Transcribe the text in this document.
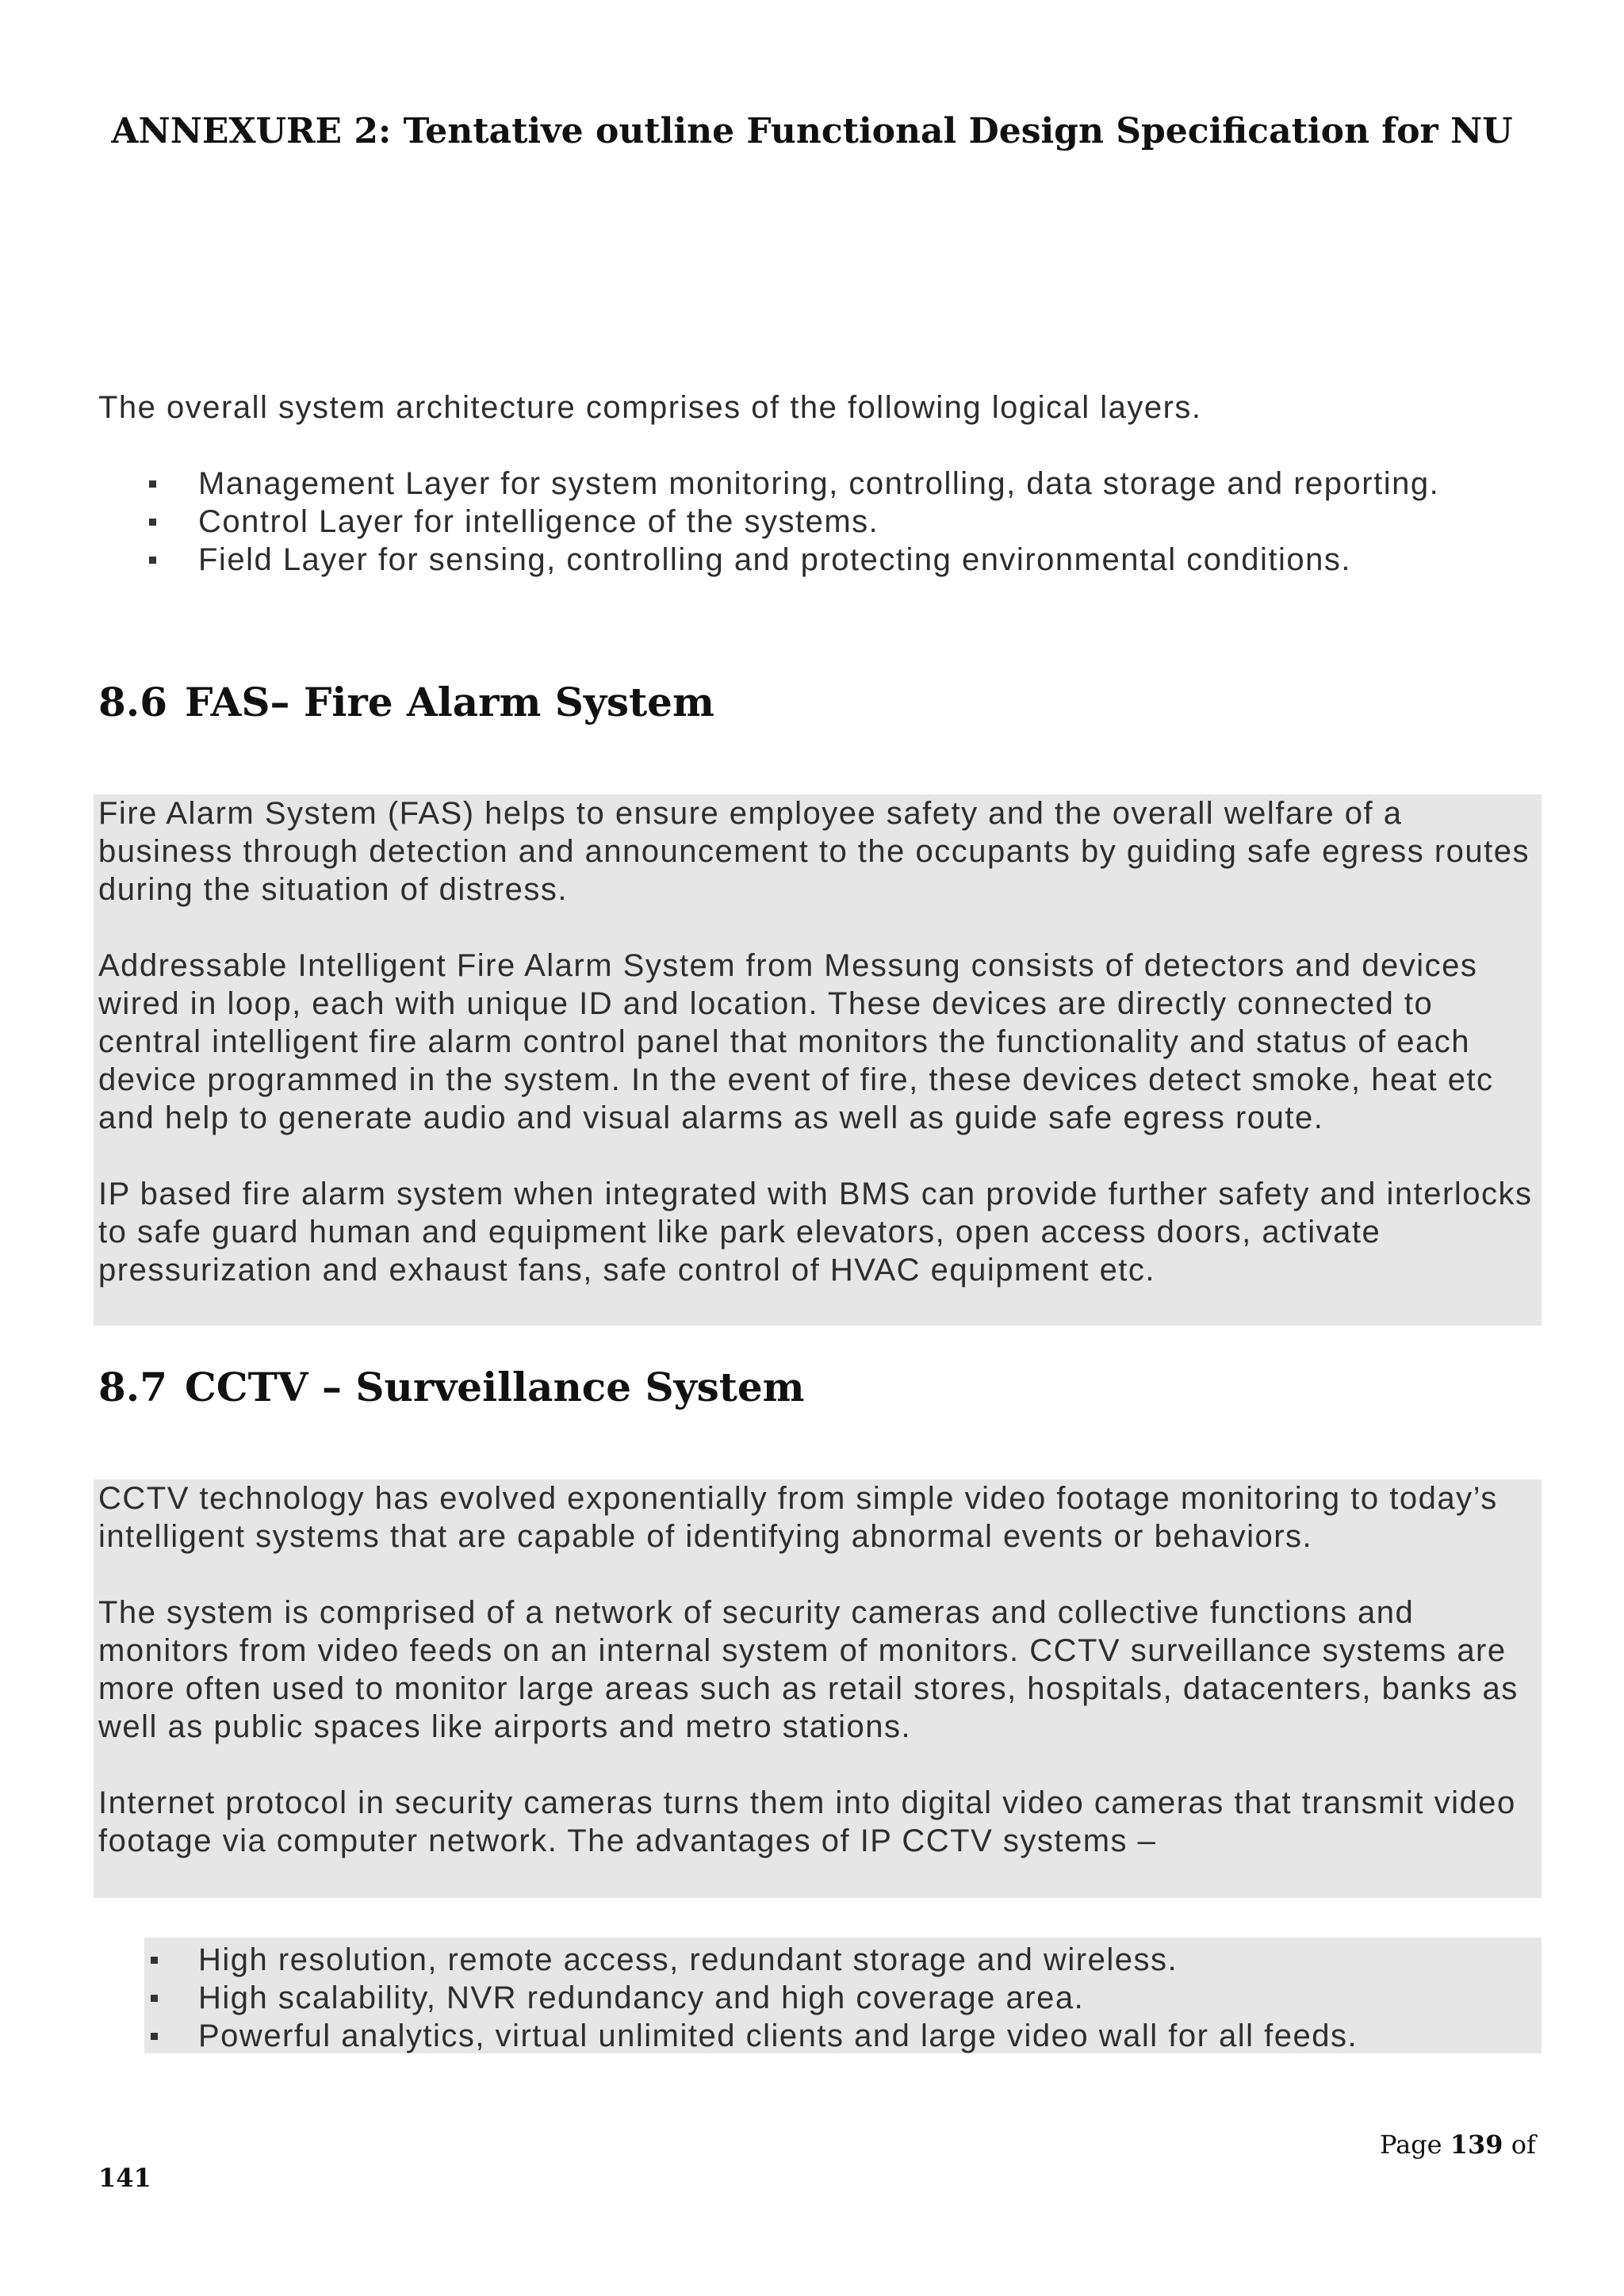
ANNEXURE 2: Tentative outline Functional Design Specification for NU

The overall system architecture comprises of the following logical layers.

Management Layer for system monitoring, controlling, data storage and reporting.
Control Layer for intelligence of the systems.
Field Layer for sensing, controlling and protecting environmental conditions.
8.6 FAS– Fire Alarm System

Fire Alarm System (FAS) helps to ensure employee safety and the overall welfare of a business through detection and announcement to the occupants by guiding safe egress routes during the situation of distress.

Addressable Intelligent Fire Alarm System from Messung consists of detectors and devices wired in loop, each with unique ID and location. These devices are directly connected to central intelligent fire alarm control panel that monitors the functionality and status of each device programmed in the system. In the event of fire, these devices detect smoke, heat etc and help to generate audio and visual alarms as well as guide safe egress route.

IP based fire alarm system when integrated with BMS can provide further safety and interlocks to safe guard human and equipment like park elevators, open access doors, activate pressurization and exhaust fans, safe control of HVAC equipment etc.

8.7 CCTV – Surveillance System

CCTV technology has evolved exponentially from simple video footage monitoring to today’s intelligent systems that are capable of identifying abnormal events or behaviors.

The system is comprised of a network of security cameras and collective functions and monitors from video feeds on an internal system of monitors. CCTV surveillance systems are more often used to monitor large areas such as retail stores, hospitals, datacenters, banks as well as public spaces like airports and metro stations.

Internet protocol in security cameras turns them into digital video cameras that transmit video footage via computer network. The advantages of IP CCTV systems –

High resolution, remote access, redundant storage and wireless.
High scalability, NVR redundancy and high coverage area.
Powerful analytics, virtual unlimited clients and large video wall for all feeds.
Page 139 of
141
